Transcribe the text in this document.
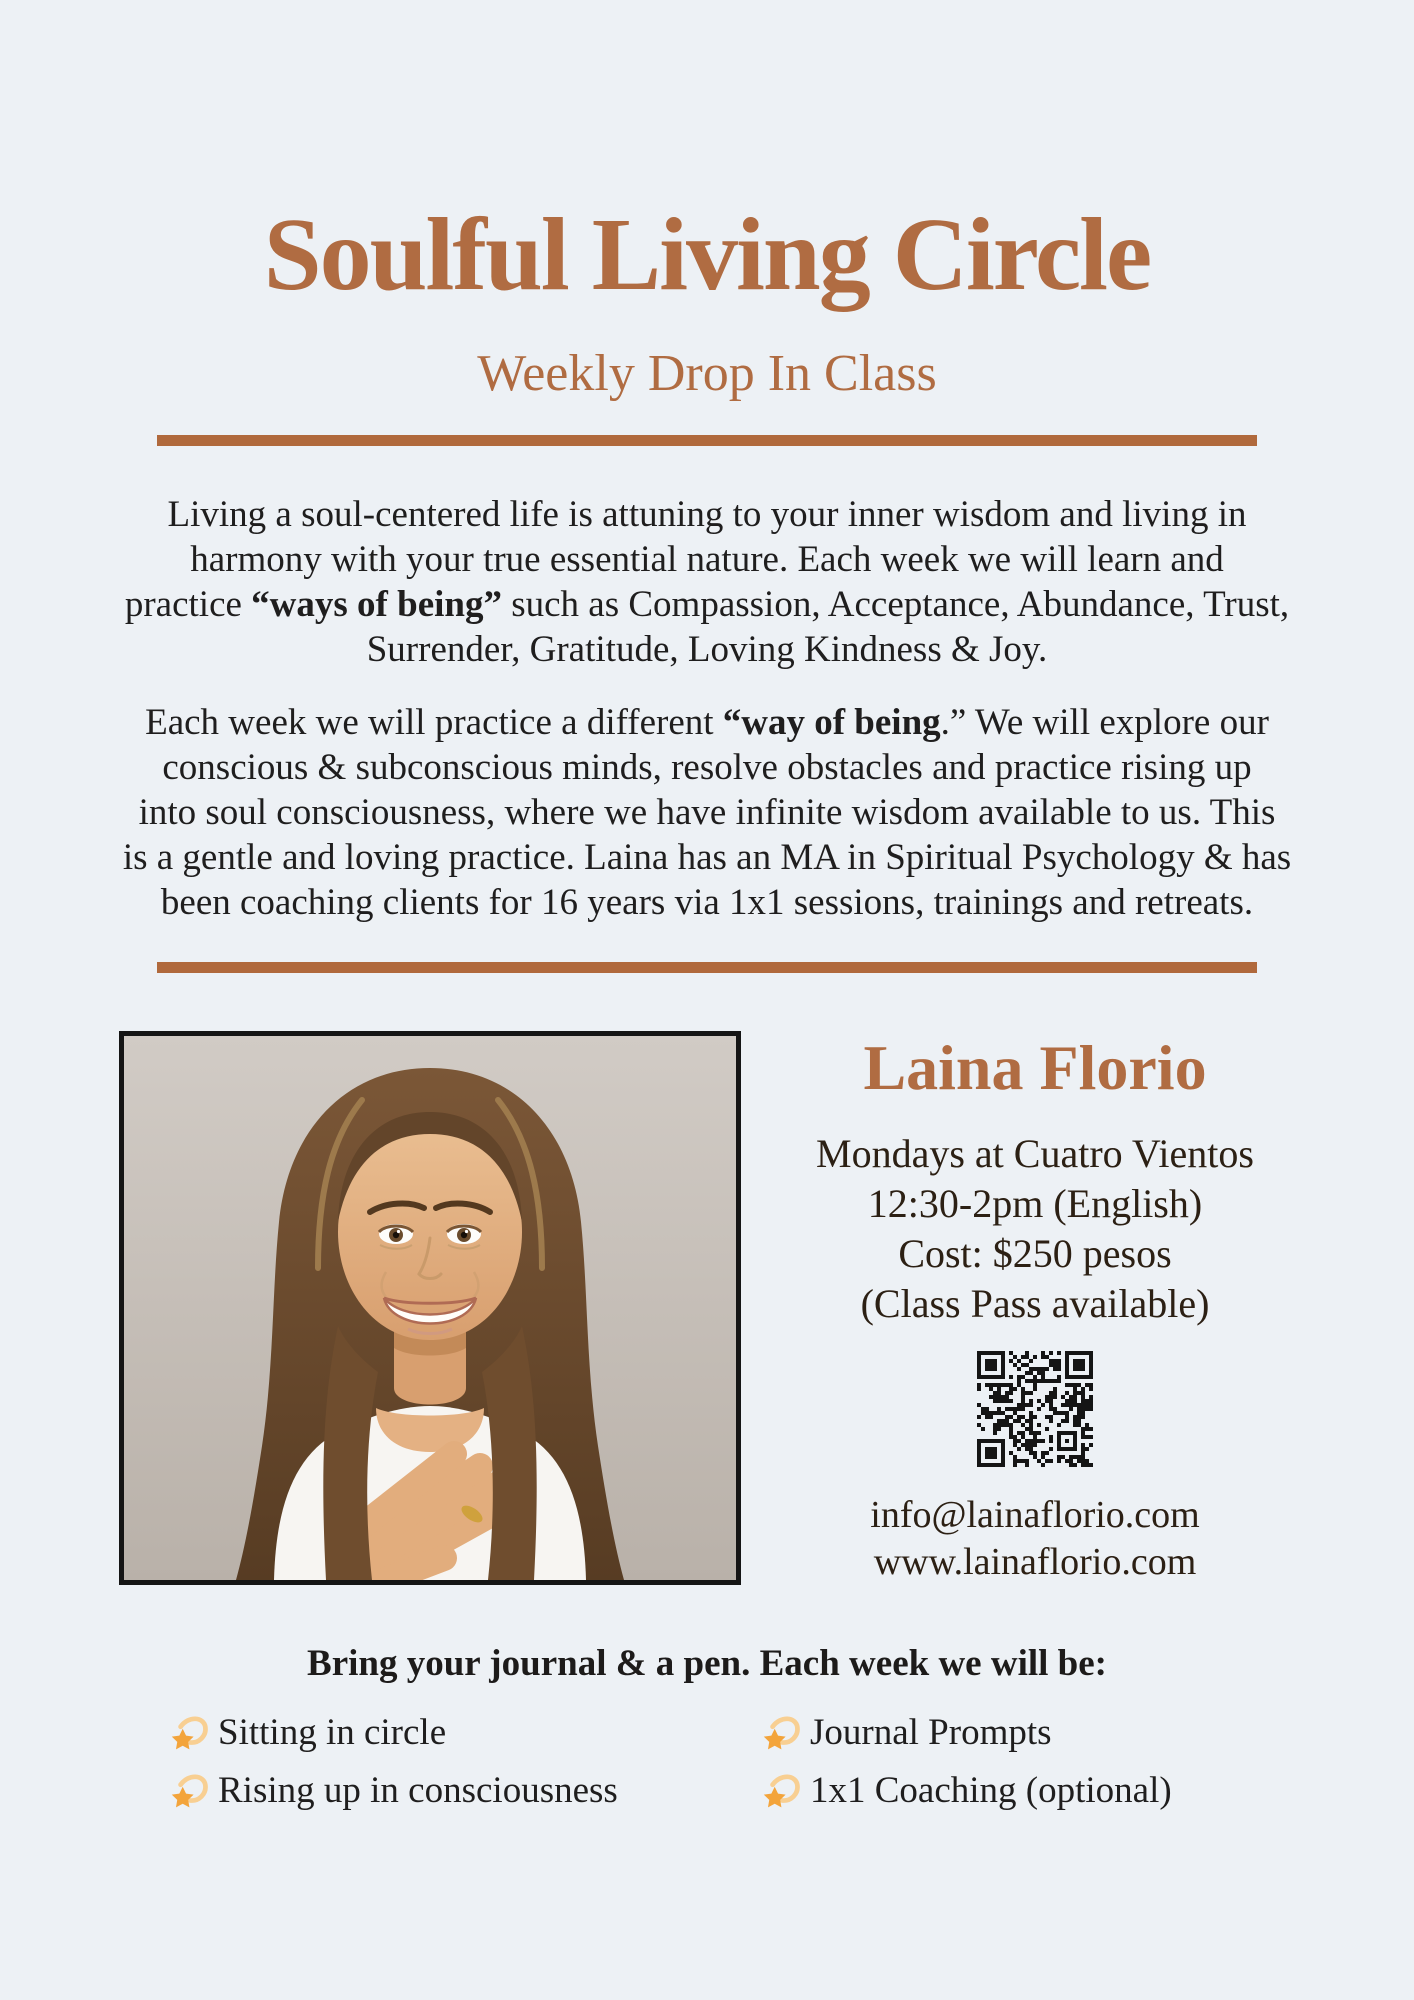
Soulful Living Circle
Weekly Drop In Class
Living a soul-centered life is attuning to your inner wisdom and living in
harmony with your true essential nature. Each week we will learn and
practice “ways of being” such as Compassion, Acceptance, Abundance, Trust,
Surrender, Gratitude, Loving Kindness & Joy.
Each week we will practice a different “way of being.” We will explore our
conscious & subconscious minds, resolve obstacles and practice rising up
into soul consciousness, where we have infinite wisdom available to us. This
is a gentle and loving practice. Laina has an MA in Spiritual Psychology & has
been coaching clients for 16 years via 1x1 sessions, trainings and retreats.
Laina Florio
Mondays at Cuatro Vientos
12:30-2pm (English)
Cost: $250 pesos
(Class Pass available)
info@lainaflorio.com
www.lainaflorio.com
Bring your journal & a pen. Each week we will be:
Sitting in circle	Journal Prompts
Rising up in consciousness	1x1 Coaching (optional)
